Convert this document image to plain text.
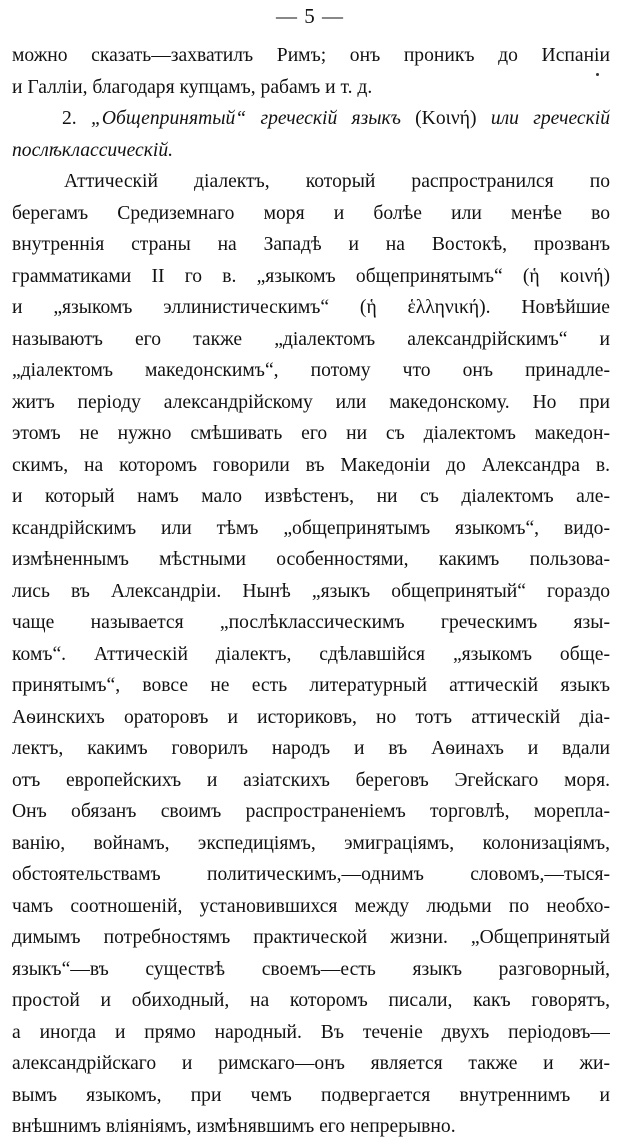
— 5 —
можно сказать—захватилъ Римъ; онъ проникъ до Испаніи
и Галліи, благодаря купцамъ, рабамъ и т. д.
2. „Общепринятый“ греческій языкъ (Κοινή) или греческій
послѣклассическій.
Аттическій діалектъ, который распространился по
берегамъ Средиземнаго моря и болѣе или менѣе во
внутреннія страны на Западѣ и на Востокѣ, прозванъ
грамматиками II го в. „языкомъ общепринятымъ“ (ἡ κοινή)
и „языкомъ эллинистическимъ“ (ἡ ἑλληνική). Новѣйшие
называютъ его также „діалектомъ александрійскимъ“ и
„діалектомъ македонскимъ“, потому что онъ принадле-
житъ періоду александрійскому или македонскому. Но при
этомъ не нужно смѣшивать его ни съ діалектомъ македон-
скимъ, на которомъ говорили въ Македоніи до Александра в.
и который намъ мало извѣстенъ, ни съ діалектомъ але-
ксандрійскимъ или тѣмъ „общепринятымъ языкомъ“, видо-
измѣненнымъ мѣстными особенностями, какимъ пользова-
лись въ Александріи. Нынѣ „языкъ общепринятый“ гораздо
чаще называется „послѣклассическимъ греческимъ язы-
комъ“. Аттическій діалектъ, сдѣлавшійся „языкомъ обще-
принятымъ“, вовсе не есть литературный аттическій языкъ
Аѳинскихъ ораторовъ и историковъ, но тотъ аттическій діа-
лектъ, какимъ говорилъ народъ и въ Аѳинахъ и вдали
отъ европейскихъ и азіатскихъ береговъ Эгейскаго моря.
Онъ обязанъ своимъ распространеніемъ торговлѣ, морепла-
ванію, войнамъ, экспедиціямъ, эмиграціямъ, колонизаціямъ,
обстоятельствамъ политическимъ,—однимъ словомъ,—тыся-
чамъ соотношеній, установившихся между людьми по необхо-
димымъ потребностямъ практической жизни. „Общепринятый
языкъ“—въ существѣ своемъ—есть языкъ разговорный,
простой и обиходный, на которомъ писали, какъ говорятъ,
а иногда и прямо народный. Въ теченіе двухъ періодовъ—
александрійскаго и римскаго—онъ является также и жи-
вымъ языкомъ, при чемъ подвергается внутреннимъ и
внѣшнимъ вліяніямъ, измѣнявшимъ его непрерывно.
